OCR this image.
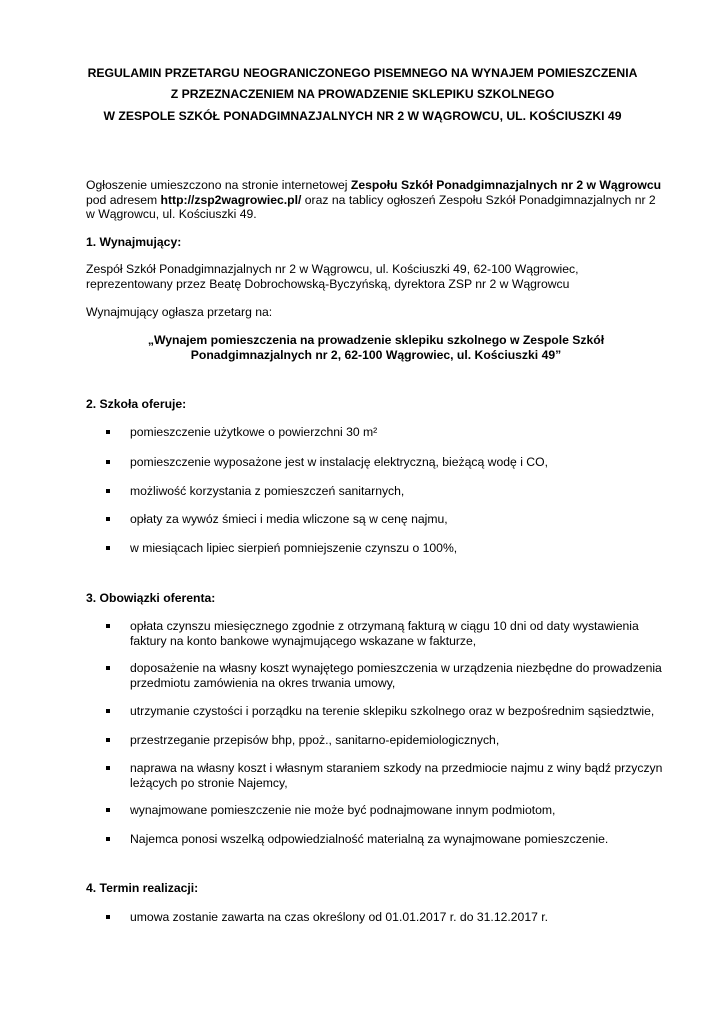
REGULAMIN PRZETARGU NEOGRANICZONEGO PISEMNEGO NA WYNAJEM POMIESZCZENIA
Z PRZEZNACZENIEM NA PROWADZENIE SKLEPIKU SZKOLNEGO
W ZESPOLE SZKÓŁ PONADGIMNAZJALNYCH NR 2 W WĄGROWCU, UL. KOŚCIUSZKI 49
Ogłoszenie umieszczono na stronie internetowej Zespołu Szkół Ponadgimnazjalnych nr 2 w Wągrowcu pod adresem http://zsp2wagrowiec.pl/ oraz na tablicy ogłoszeń Zespołu Szkół Ponadgimnazjalnych nr 2 w Wągrowcu, ul. Kościuszki 49.
1. Wynajmujący:
Zespół Szkół Ponadgimnazjalnych nr 2 w Wągrowcu, ul. Kościuszki 49, 62-100 Wągrowiec, reprezentowany przez Beatę Dobrochowską-Byczyńską, dyrektora ZSP nr 2 w Wągrowcu
Wynajmujący ogłasza przetarg na:
„Wynajem pomieszczenia na prowadzenie sklepiku szkolnego w Zespole Szkół Ponadgimnazjalnych nr 2, 62-100 Wągrowiec, ul. Kościuszki 49”
2. Szkoła oferuje:
pomieszczenie użytkowe o powierzchni 30 m²
pomieszczenie wyposażone jest w instalację elektryczną, bieżącą wodę i CO,
możliwość korzystania z pomieszczeń sanitarnych,
opłaty za wywóz śmieci i media wliczone są w cenę najmu,
w miesiącach lipiec sierpień pomniejszenie czynszu o 100%,
3. Obowiązki oferenta:
opłata czynszu miesięcznego zgodnie z otrzymaną fakturą w ciągu 10 dni od daty wystawienia faktury na konto bankowe wynajmującego wskazane w fakturze,
doposażenie na własny koszt wynajętego pomieszczenia w urządzenia niezbędne do prowadzenia przedmiotu zamówienia na okres trwania umowy,
utrzymanie czystości i porządku na terenie sklepiku szkolnego oraz w bezpośrednim sąsiedztwie,
przestrzeganie przepisów bhp, ppoż., sanitarno-epidemiologicznych,
naprawa na własny koszt i własnym staraniem szkody na przedmiocie najmu z winy bądź przyczyn leżących po stronie Najemcy,
wynajmowane pomieszczenie nie może być podnajmowane innym podmiotom,
Najemca ponosi wszelką odpowiedzialność materialną za wynajmowane pomieszczenie.
4. Termin realizacji:
umowa zostanie zawarta na czas określony od 01.01.2017 r. do 31.12.2017 r.
